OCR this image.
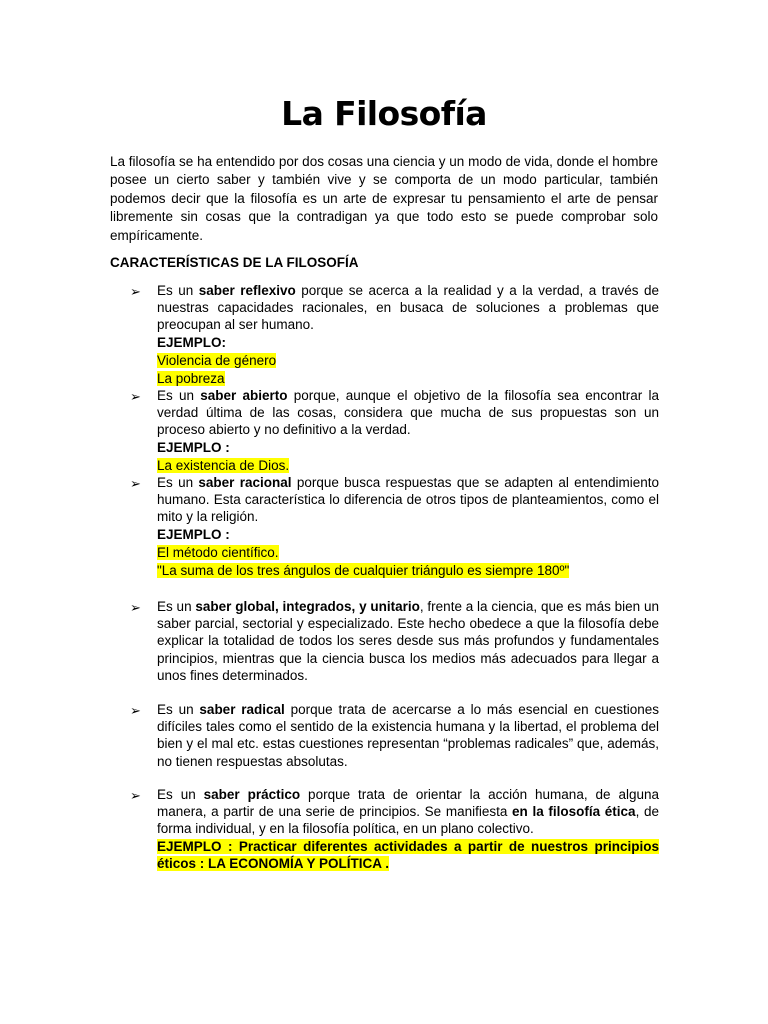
La Filosofía
La filosofía se ha entendido por dos cosas una ciencia y un modo de vida, donde el hombre posee un cierto saber y también vive y se comporta de un modo particular, también podemos decir que la filosofía es un arte de expresar tu pensamiento el arte de pensar libremente sin cosas que la contradigan ya que todo esto se puede comprobar solo empíricamente.
CARACTERÍSTICAS DE LA FILOSOFÍA
➢ Es un saber reflexivo porque se acerca a la realidad y a la verdad, a través de nuestras capacidades racionales, en busaca de soluciones a problemas que preocupan al ser humano.
EJEMPLO:
Violencia de género
La pobreza
➢ Es un saber abierto porque, aunque el objetivo de la filosofía sea encontrar la verdad última de las cosas, considera que mucha de sus propuestas son un proceso abierto y no definitivo a la verdad.
EJEMPLO :
La existencia de Dios.
➢ Es un saber racional porque busca respuestas que se adapten al entendimiento humano. Esta característica lo diferencia de otros tipos de planteamientos, como el mito y la religión.
EJEMPLO :
El método científico.
"La suma de los tres ángulos de cualquier triángulo es siempre 180º"
➢ Es un saber global, integrados, y unitario, frente a la ciencia, que es más bien un saber parcial, sectorial y especializado. Este hecho obedece a que la filosofía debe explicar la totalidad de todos los seres desde sus más profundos y fundamentales principios, mientras que la ciencia busca los medios más adecuados para llegar a unos fines determinados.
➢ Es un saber radical porque trata de acercarse a lo más esencial en cuestiones difíciles tales como el sentido de la existencia humana y la libertad, el problema del bien y el mal etc. estas cuestiones representan “problemas radicales” que, además, no tienen respuestas absolutas.
➢ Es un saber práctico porque trata de orientar la acción humana, de alguna manera, a partir de una serie de principios. Se manifiesta en la filosofía ética, de forma individual, y en la filosofía política, en un plano colectivo.
EJEMPLO : Practicar diferentes actividades a partir de nuestros principios éticos : LA ECONOMÍA Y POLÍTICA .
